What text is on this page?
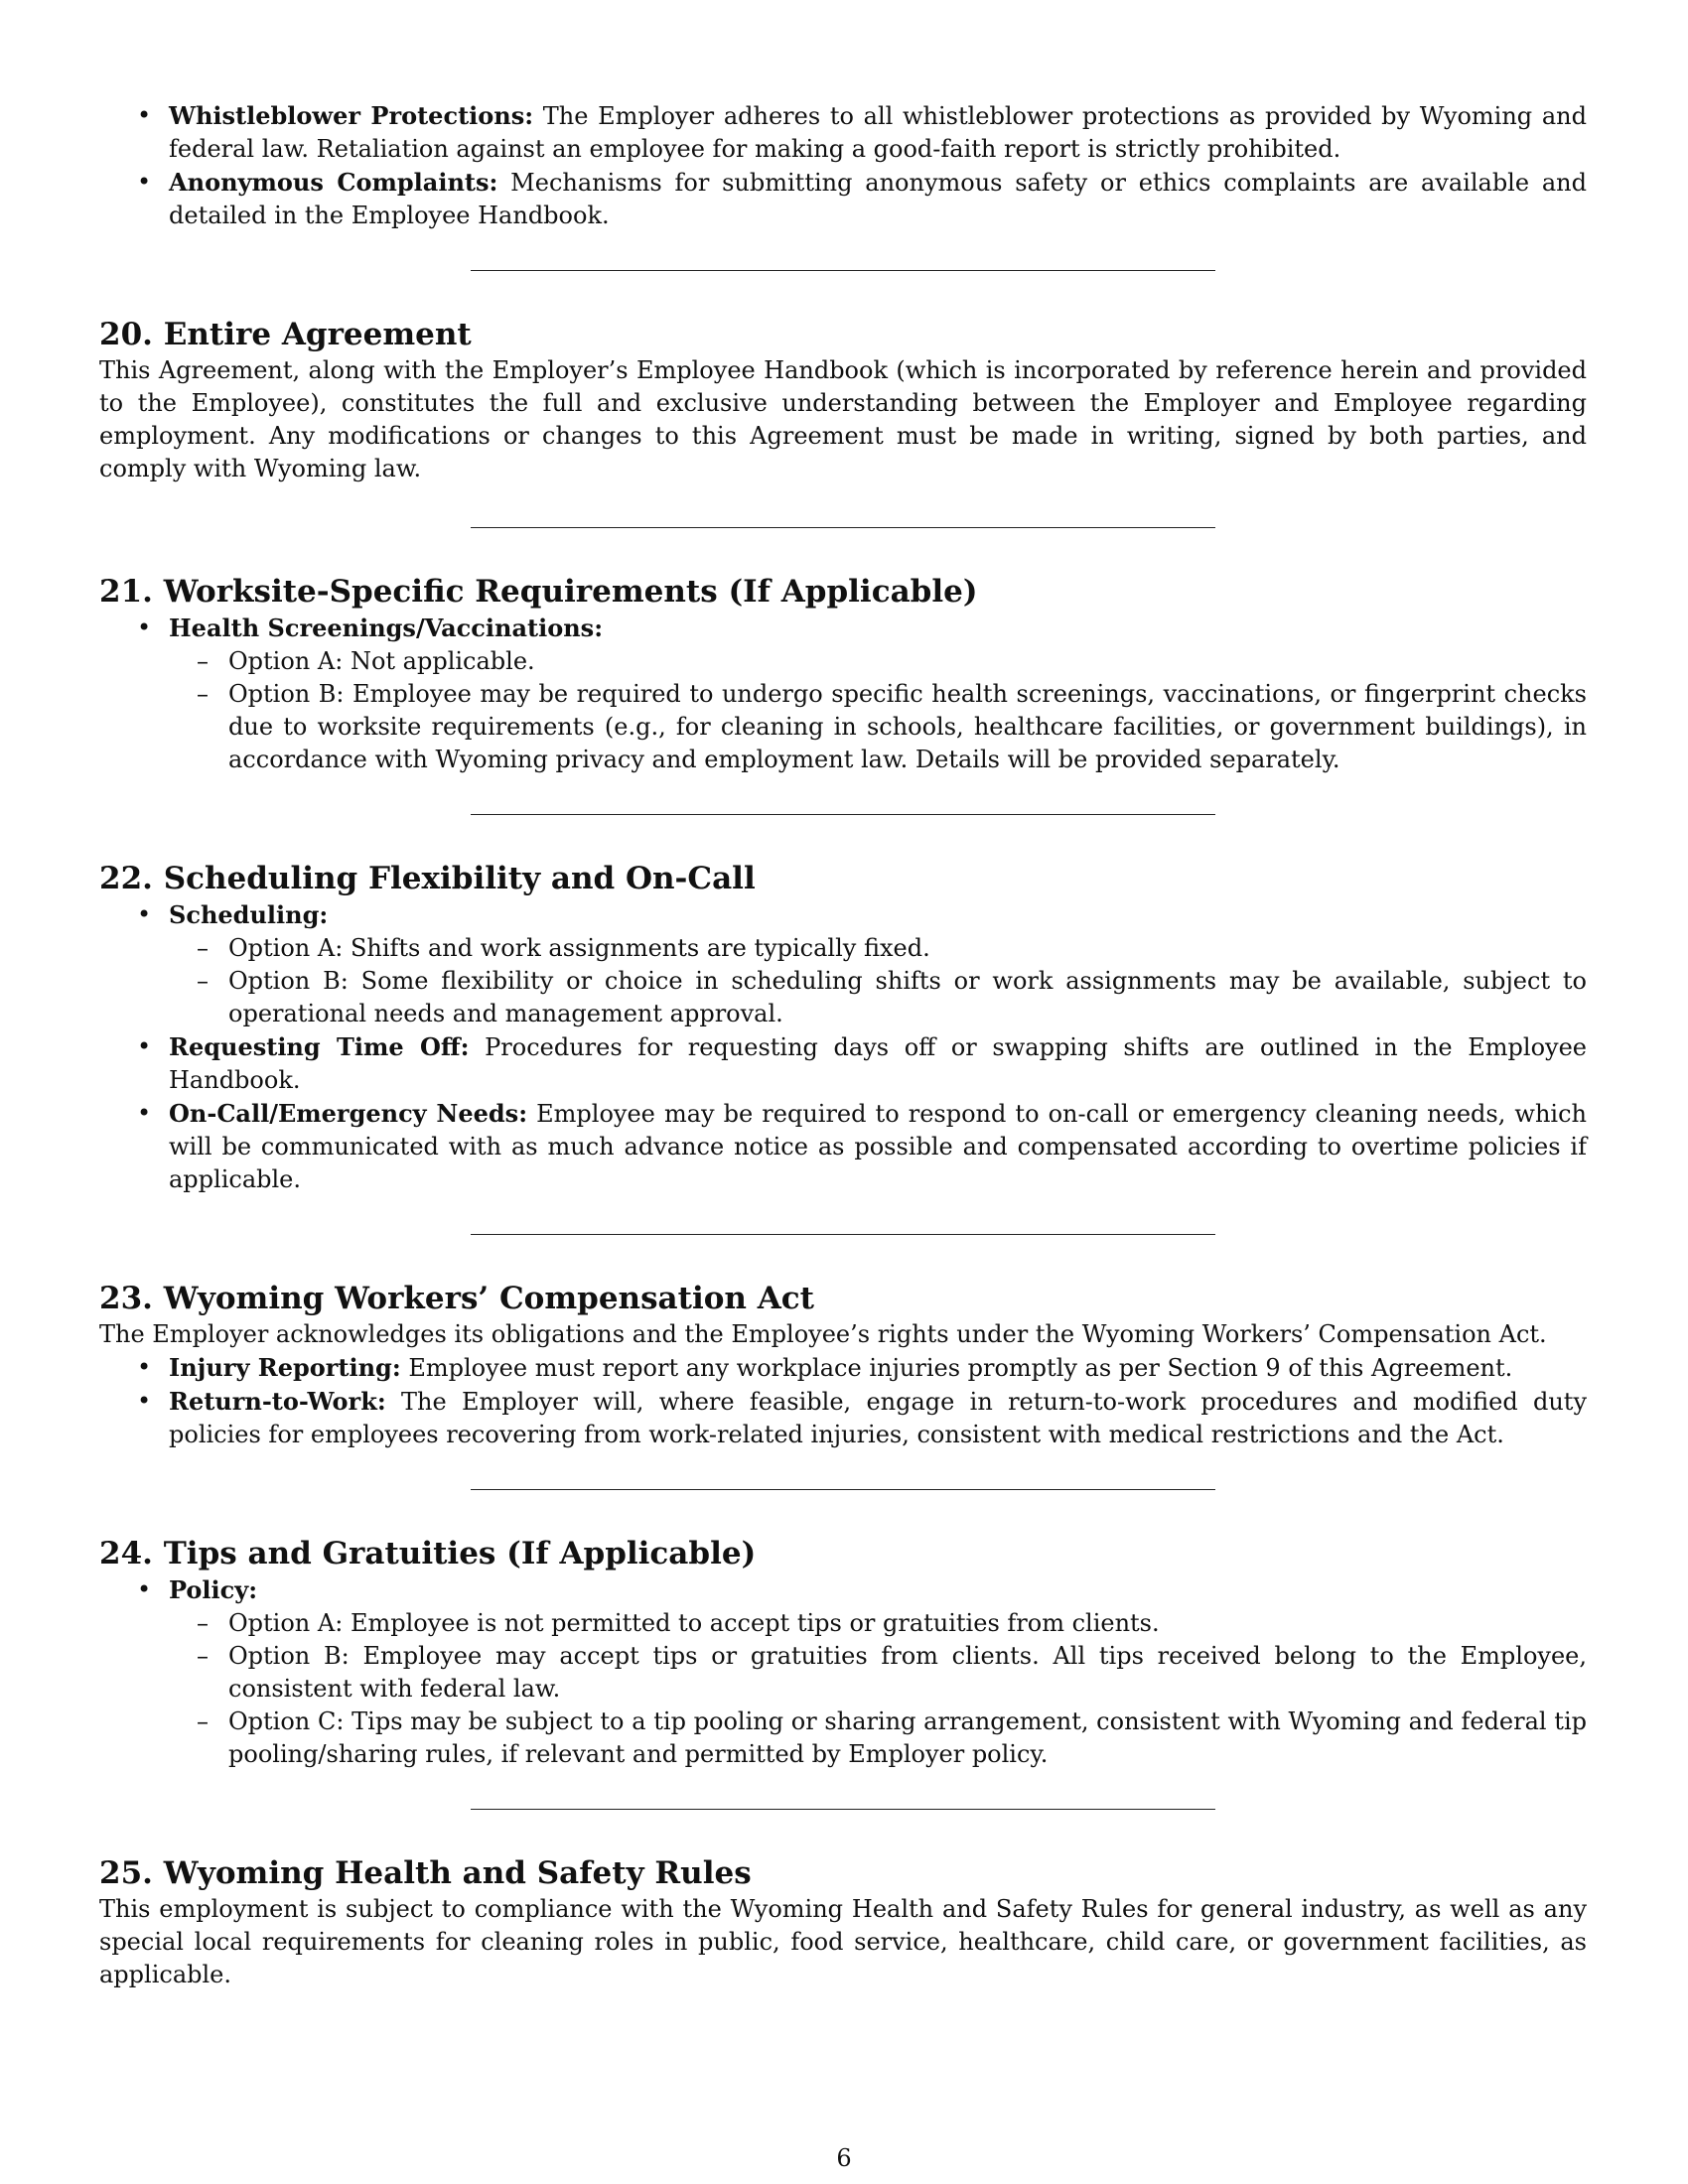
• Whistleblower Protections: The Employer adheres to all whistleblower protections as provided by Wyoming and federal law. Retaliation against an employee for making a good-faith report is strictly prohibited.
• Anonymous Complaints: Mechanisms for submitting anonymous safety or ethics complaints are available and detailed in the Employee Handbook.
20. Entire Agreement

This Agreement, along with the Employer’s Employee Handbook (which is incorporated by reference herein and provided to the Employee), constitutes the full and exclusive understanding between the Employer and Employee regarding employment. Any modifications or changes to this Agreement must be made in writing, signed by both parties, and comply with Wyoming law.

21. Worksite-Specific Requirements (If Applicable)
• Health Screenings/Vaccinations:
– Option A: Not applicable.
– Option B: Employee may be required to undergo specific health screenings, vaccinations, or fingerprint checks due to worksite requirements (e.g., for cleaning in schools, healthcare facilities, or government buildings), in accordance with Wyoming privacy and employment law. Details will be provided separately.
22. Scheduling Flexibility and On-Call
• Scheduling:
– Option A: Shifts and work assignments are typically fixed.
– Option B: Some flexibility or choice in scheduling shifts or work assignments may be available, subject to operational needs and management approval.
• Requesting Time Off: Procedures for requesting days off or swapping shifts are outlined in the Employee Handbook.
• On-Call/Emergency Needs: Employee may be required to respond to on-call or emergency cleaning needs, which will be communicated with as much advance notice as possible and compensated according to overtime policies if applicable.
23. Wyoming Workers’ Compensation Act

The Employer acknowledges its obligations and the Employee’s rights under the Wyoming Workers’ Compensation Act.

• Injury Reporting: Employee must report any workplace injuries promptly as per Section 9 of this Agreement.
• Return-to-Work: The Employer will, where feasible, engage in return-to-work procedures and modified duty policies for employees recovering from work-related injuries, consistent with medical restrictions and the Act.
24. Tips and Gratuities (If Applicable)
• Policy:
– Option A: Employee is not permitted to accept tips or gratuities from clients.
– Option B: Employee may accept tips or gratuities from clients. All tips received belong to the Employee, consistent with federal law.
– Option C: Tips may be subject to a tip pooling or sharing arrangement, consistent with Wyoming and federal tip pooling/sharing rules, if relevant and permitted by Employer policy.
25. Wyoming Health and Safety Rules

This employment is subject to compliance with the Wyoming Health and Safety Rules for general industry, as well as any special local requirements for cleaning roles in public, food service, healthcare, child care, or government facilities, as applicable.

6
